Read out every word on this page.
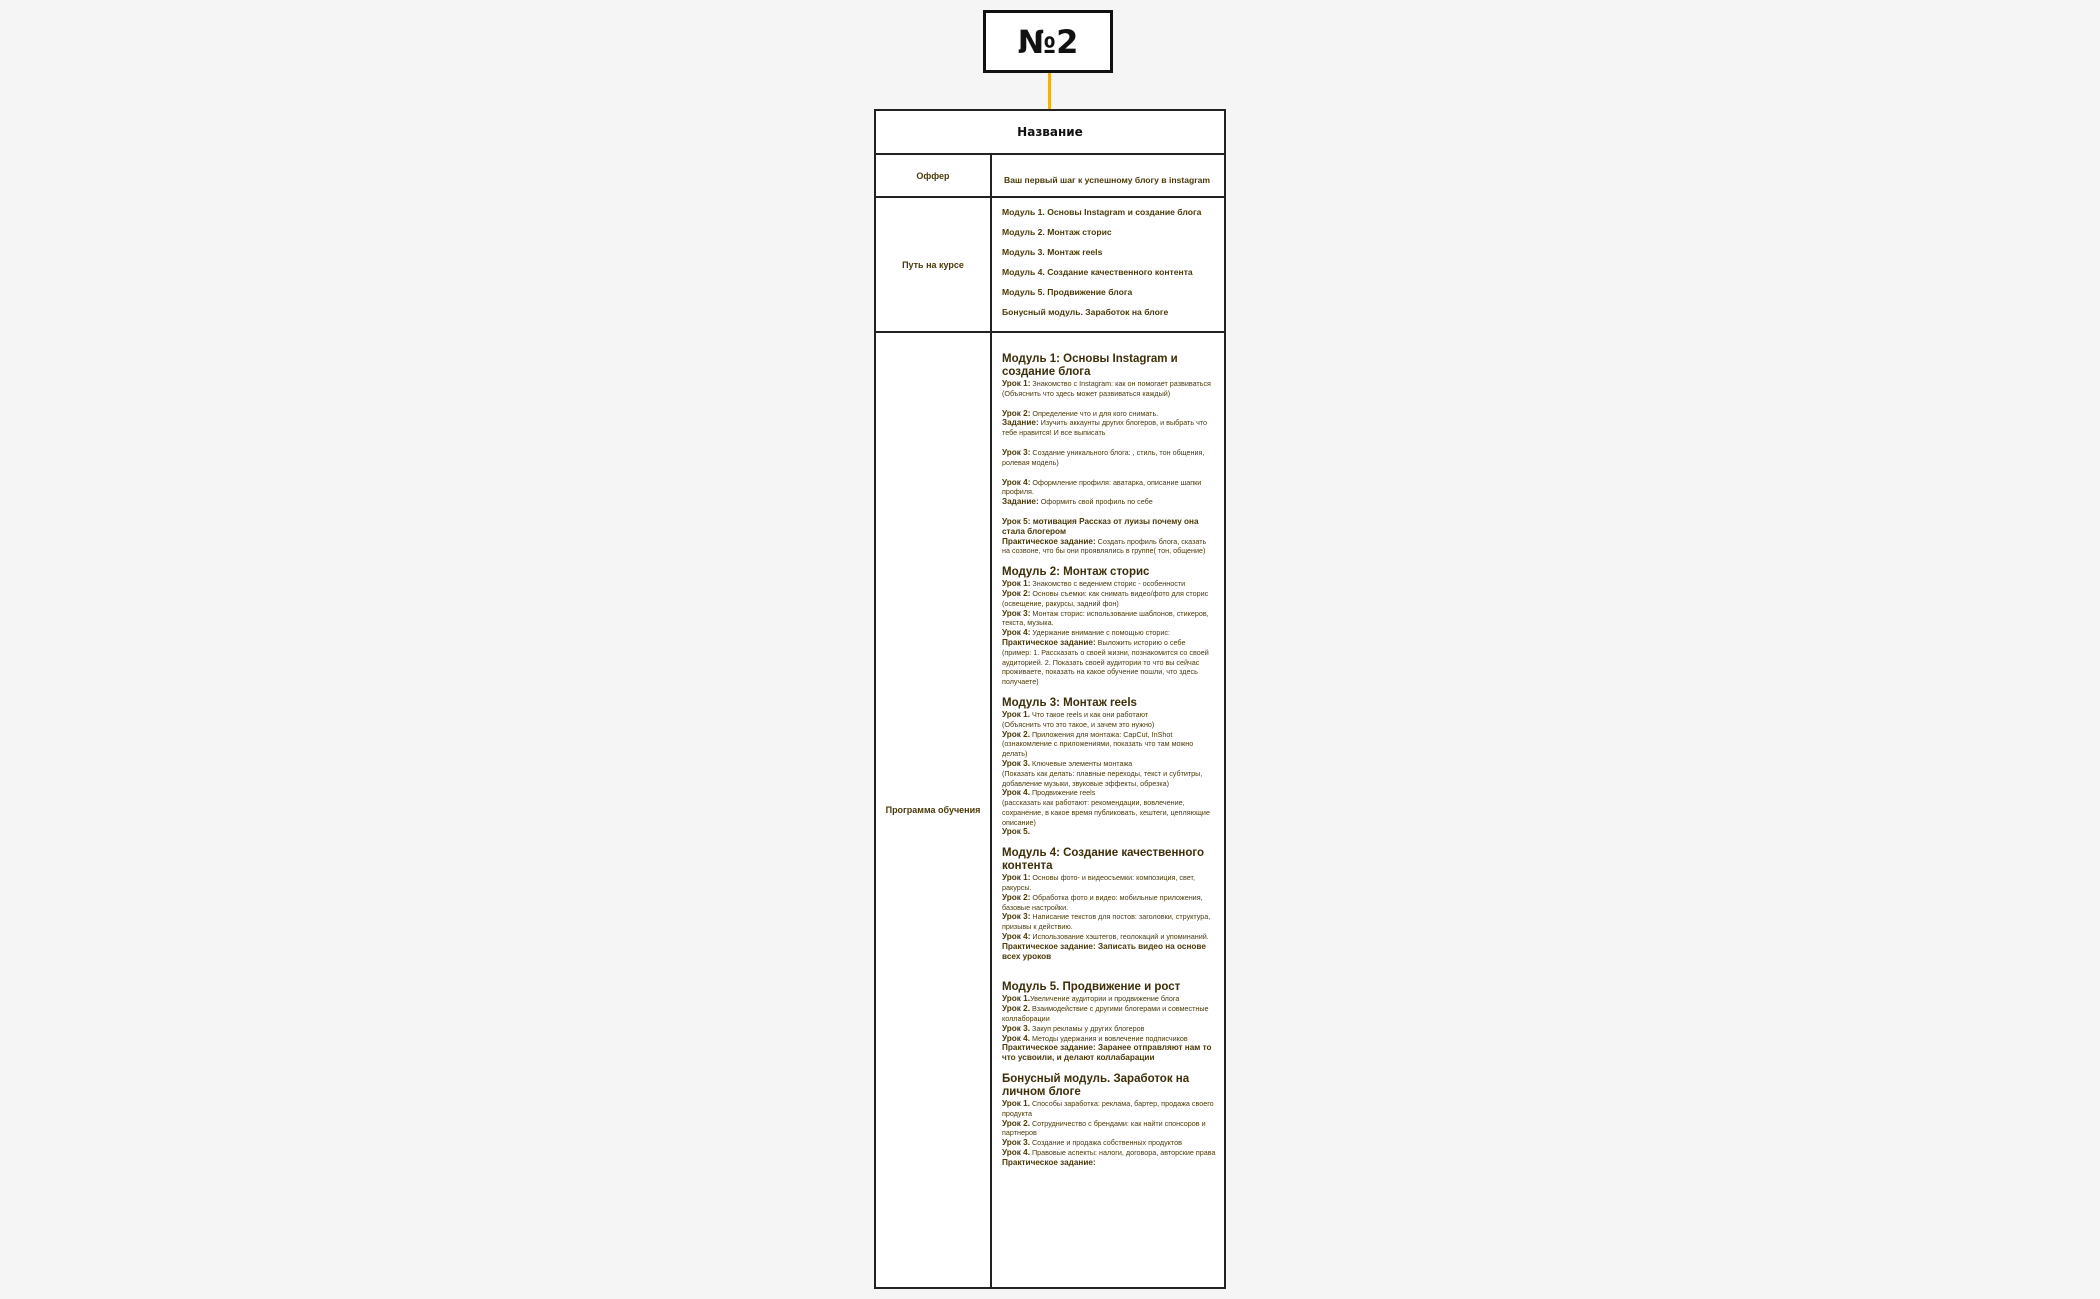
№2
Название
Оффер	Ваш первый шаг к успешному блогу в instagram
Путь на курсе
Модуль 1. Основы Instagram и создание блога
Модуль 2. Монтаж сторис
Модуль 3. Монтаж reels
Модуль 4. Создание качественного контента
Модуль 5. Продвижение блога
Бонусный модуль. Заработок на блоге
Программа обучения
Модуль 1: Основы Instagram и создание блога
Урок 1: Знакомство с Instagram: как он помогает развиваться
(Объяснить что здесь может развиваться каждый)
Урок 2: Определение что и для кого снимать.
Задание: Изучить аккаунты других блогеров, и выбрать что тебе нравится! И все выписать
Урок 3: Создание уникального блога: , стиль, тон общения, ролевая модель)
Урок 4: Оформление профиля: аватарка, описание шапки профиля.
Задание: Оформить свой профиль по себе
Урок 5: мотивация Рассказ от луизы почему она стала блогером
Практическое задание: Создать профиль блога, сказать на созвоне, что бы они проявлялись в группе( тон, общение)
Модуль 2: Монтаж сторис
Урок 1: Знакомство с ведением сторис - особенности
Урок 2: Основы съемки: как снимать видео/фото для сторис (освещение, ракурсы, задний фон)
Урок 3: Монтаж сторис: использование шаблонов, стикеров, текста, музыка.
Урок 4: Удержание внимание с помощью сторис:
Практическое задание: Выложить историю о себе (пример: 1. Рассказать о своей жизни, познакомится со своей аудиторией. 2. Показать своей аудитории то что вы сейчас проживаете, показать на какое обучение пошли, что здесь получаете)
Модуль 3: Монтаж reels
Урок 1. Что такое reels и как они работают
(Объяснить что это такое, и зачем это нужно)
Урок 2. Приложения для монтажа: CapCut, InShot
(ознакомление с приложениями, показать что там можно делать)
Урок 3. Ключевые элементы монтажа
(Показать как делать: плавные переходы, текст и субтитры, добавление музыки, звуковые эффекты, обрезка)
Урок 4. Продвижение reels
(рассказать как работают: рекомендации, вовлечение, сохранение, в какое время публиковать, хештеги, цепляющие описание)
Урок 5.
Модуль 4: Создание качественного контента
Урок 1: Основы фото- и видеосъемки: композиция, свет, ракурсы.
Урок 2: Обработка фото и видео: мобильные приложения, базовые настройки.
Урок 3: Написание текстов для постов: заголовки, структура, призывы к действию.
Урок 4: Использование хэштегов, геолокаций и упоминаний.
Практическое задание: Записать видео на основе всех уроков
Модуль 5. Продвижение и рост
Урок 1.Увеличение аудитории и продвижение блога
Урок 2. Взаимодействие с другими блогерами и совместные коллаборации
Урок 3. Закуп рекламы у других блогеров
Урок 4. Методы удержания и вовлечение подписчиков
Практическое задание: Заранее отправляют нам то что усвоили, и делают коллабарации
Бонусный модуль. Заработок на личном блоге
Урок 1. Способы заработка: реклама, бартер, продажа своего продукта
Урок 2. Сотрудничество с брендами: как найти спонсоров и партнеров
Урок 3. Создание и продажа собственных продуктов
Урок 4. Правовые аспекты: налоги, договора, авторские права
Практическое задание:
